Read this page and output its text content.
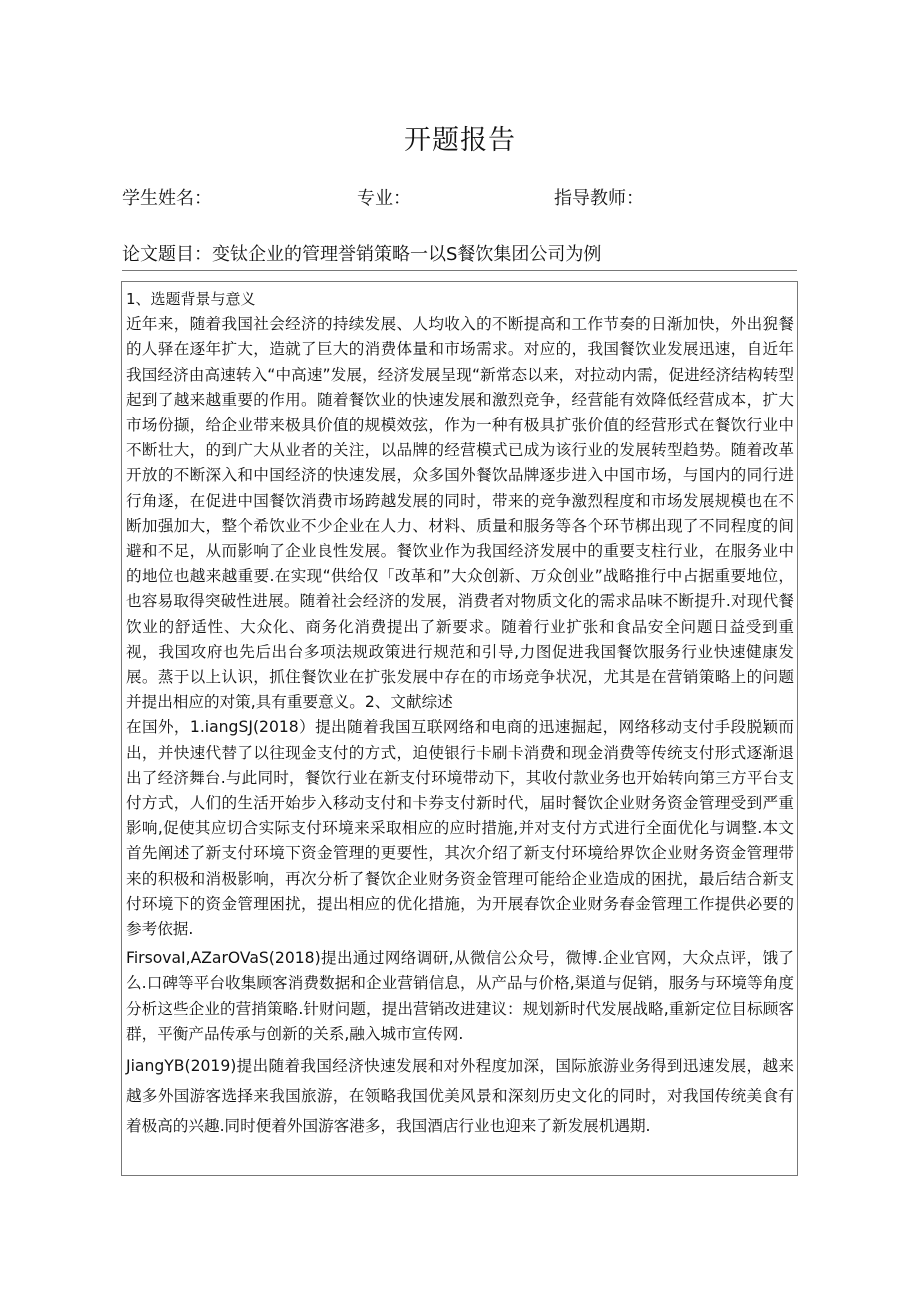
开题报告
学生姓名：	专业：	指导教师：
论文题目：变钛企业的管理誉销策略一以S餐饮集团公司为例

1、选题背景与意义

近年来，随着我国社会经济的持续发展、人均收入的不断提高和工作节奏的日渐加快，外出猊餐的人驿在逐年扩大，造就了巨大的消费体量和市场需求。对应的，我国餐饮业发展迅速，自近年我国经济由高速转入“中高速”发展，经济发展呈现“新常态以来，对拉动内需，促进经济结构转型起到了越来越重要的作用。随着餐饮业的快速发展和激烈竞争，经营能有效降低经营成本，扩大市场份撷，给企业带来极具价值的规模效弦，作为一种有极具扩张价值的经营形式在餐饮行业中不断壮大，的到广大从业者的关注，以品牌的经营模式已成为该行业的发展转型趋势。随着改革开放的不断深入和中国经济的快速发展，众多国外餐饮品牌逐步进入中国市场，与国内的同行进行角逐，在促进中国餐饮消费市场跨越发展的同时，带来的竞争激烈程度和市场发展规模也在不断加强加大，整个希饮业不少企业在人力、材料、质量和服务等各个环节梆出现了不同程度的间避和不足，从而影响了企业良性发展。餐饮业作为我国经济发展中的重要支柱行业，在服务业中的地位也越来越重要.在实现“供给仅「改革和”大众创新、万众创业”战略推行中占据重要地位，也容易取得突破性进展。随着社会经济的发展，消费者对物质文化的需求品味不断提升.对现代餐饮业的舒适性、大众化、商务化消费提出了新要求。随着行业扩张和食品安全问题日益受到重视，我国攻府也先后出台多项法规政策进行规范和引导,力图促进我国餐饮服务行业快速健康发展。蒸于以上认识，抓住餐饮业在扩张发展中存在的市场竞争状况，尤其是在营销策略上的问题并提出相应的对策,具有重要意义。2、文献综述

在国外，1.iangSJ(2018）提出随着我国互联网络和电商的迅速掘起，网络移动支付手段脱颖而出，并快速代替了以往现金支付的方式，迫使银行卡刷卡消费和现金消费等传统支付形式逐渐退出了经济舞台.与此同时，餐饮行业在新支付环境带动下，其收付款业务也开始转向第三方平台支付方式，人们的生活开始步入移动支付和卡券支付新时代，届时餐饮企业财务资金管理受到严重影响,促使其应切合实际支付环境来采取相应的应时措施,并对支付方式进行全面优化与调整.本文首先阐述了新支付环境下资金管理的更要性，其次介绍了新支付环境给界饮企业财务资金管理带来的积极和消极影响，再次分析了餐饮企业财务资金管理可能给企业造成的困扰，最后结合新支付环境下的资金管理困扰，提出相应的优化措施，为开展春饮企业财务春金管理工作提供必要的参考依据.

FirsovaI,AZarOVaS(2018)提出通过网络调研,从微信公众号，微博.企业官网，大众点评，饿了么.口碑等平台收集顾客消费数据和企业营销信息，从产品与价格,渠道与促销，服务与环境等角度分析这些企业的营捎策略.针财问题，提出营销改进建议：规划新时代发展战略,重新定位目标顾客群，平衡产品传承与创新的关系,融入城市宣传网.

JiangYB(2019)提出随着我国经济快速发展和对外程度加深，国际旅游业务得到迅速发展，越来越多外国游客选择来我国旅游，在领略我国优美风景和深刻历史文化的同时，对我国传统美食有着极高的兴趣.同时便着外国游客港多，我国酒店行业也迎来了新发展机遇期.
